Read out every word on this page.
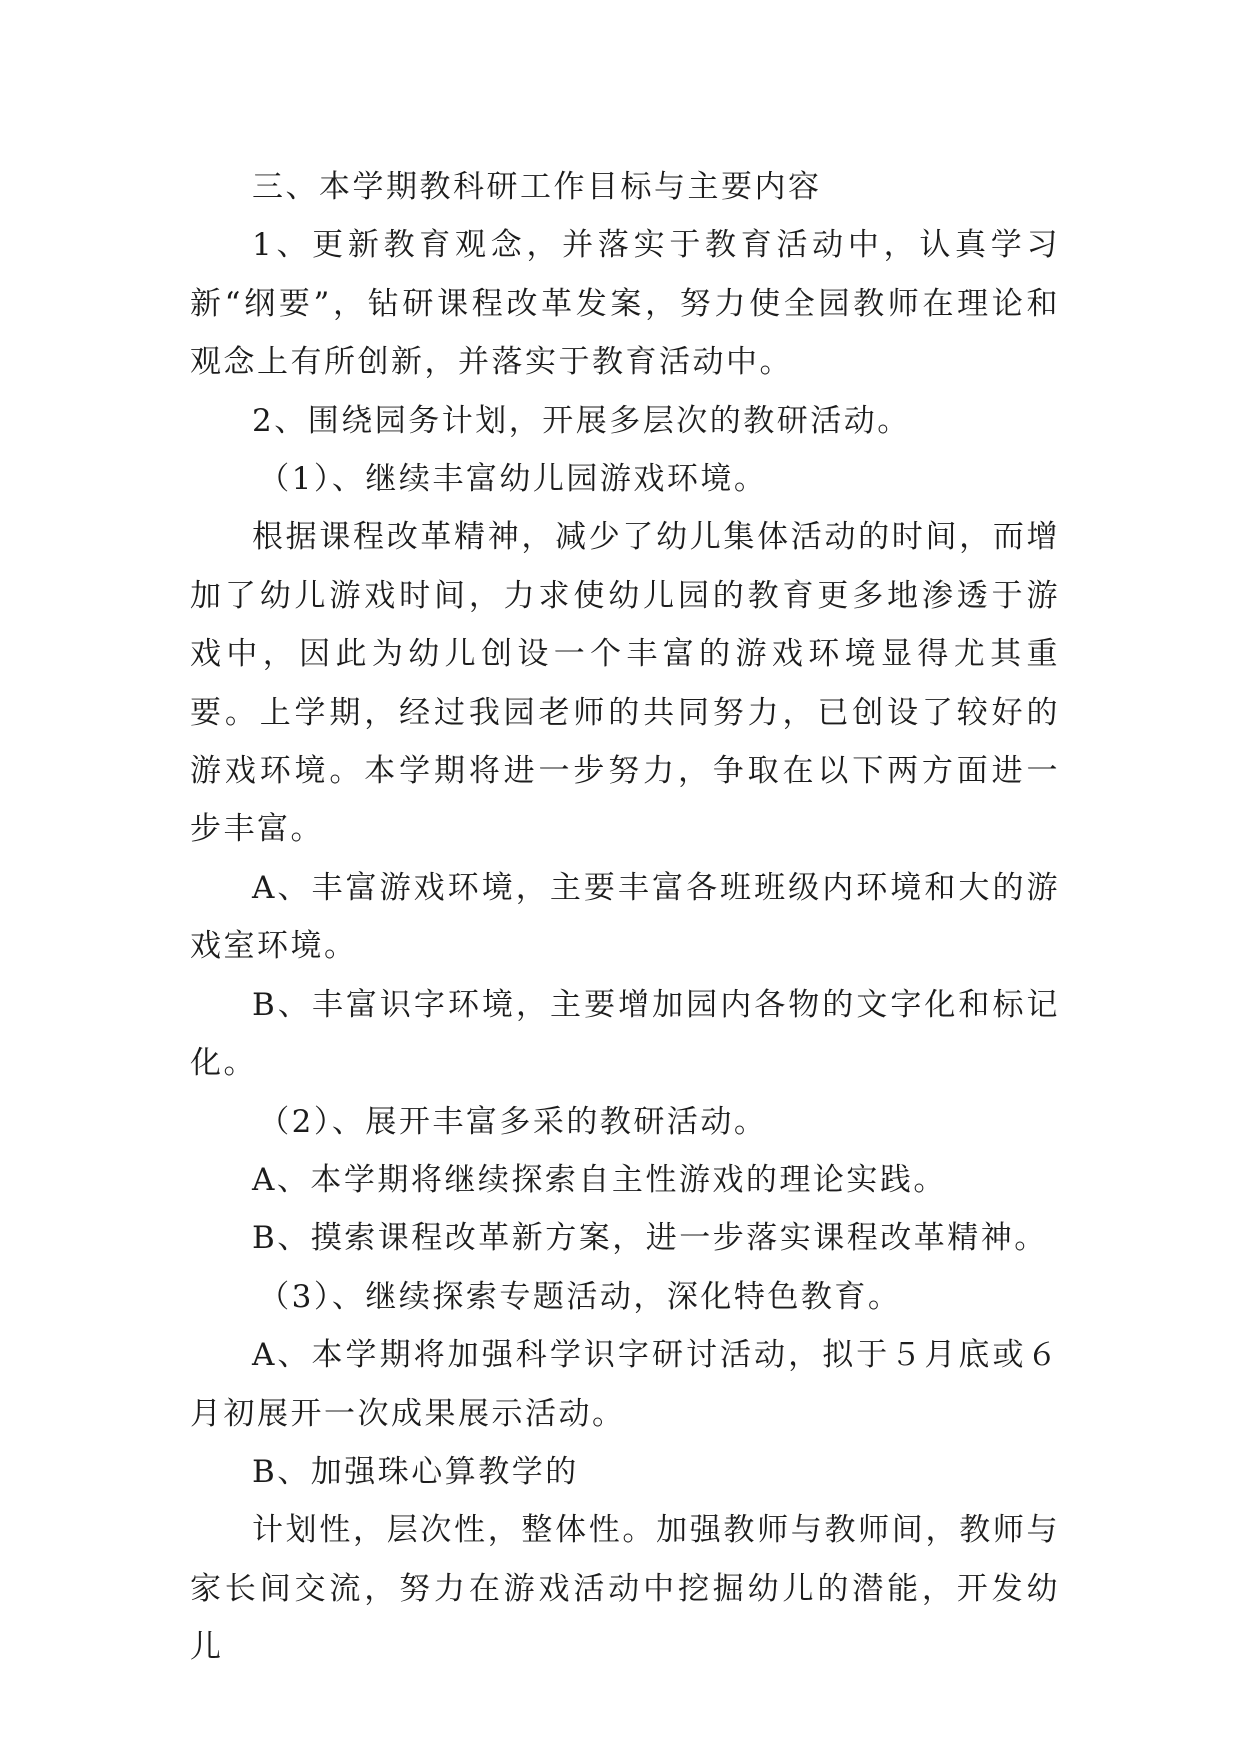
三、本学期教科研工作目标与主要内容

1、更新教育观念，并落实于教育活动中，认真学习新“纲要”，钻研课程改革发案，努力使全园教师在理论和观念上有所创新，并落实于教育活动中。

2、围绕园务计划，开展多层次的教研活动。

（1）、继续丰富幼儿园游戏环境。

根据课程改革精神，减少了幼儿集体活动的时间，而增加了幼儿游戏时间，力求使幼儿园的教育更多地渗透于游戏中，因此为幼儿创设一个丰富的游戏环境显得尤其重要。上学期，经过我园老师的共同努力，已创设了较好的游戏环境。本学期将进一步努力，争取在以下两方面进一步丰富。

A、丰富游戏环境，主要丰富各班班级内环境和大的游戏室环境。

B、丰富识字环境，主要增加园内各物的文字化和标记化。

（2）、展开丰富多采的教研活动。

A、本学期将继续探索自主性游戏的理论实践。

B、摸索课程改革新方案，进一步落实课程改革精神。

（3）、继续探索专题活动，深化特色教育。

A、本学期将加强科学识字研讨活动，拟于５月底或６月初展开一次成果展示活动。

B、加强珠心算教学的

计划性，层次性，整体性。加强教师与教师间，教师与家长间交流，努力在游戏活动中挖掘幼儿的潜能，开发幼儿
